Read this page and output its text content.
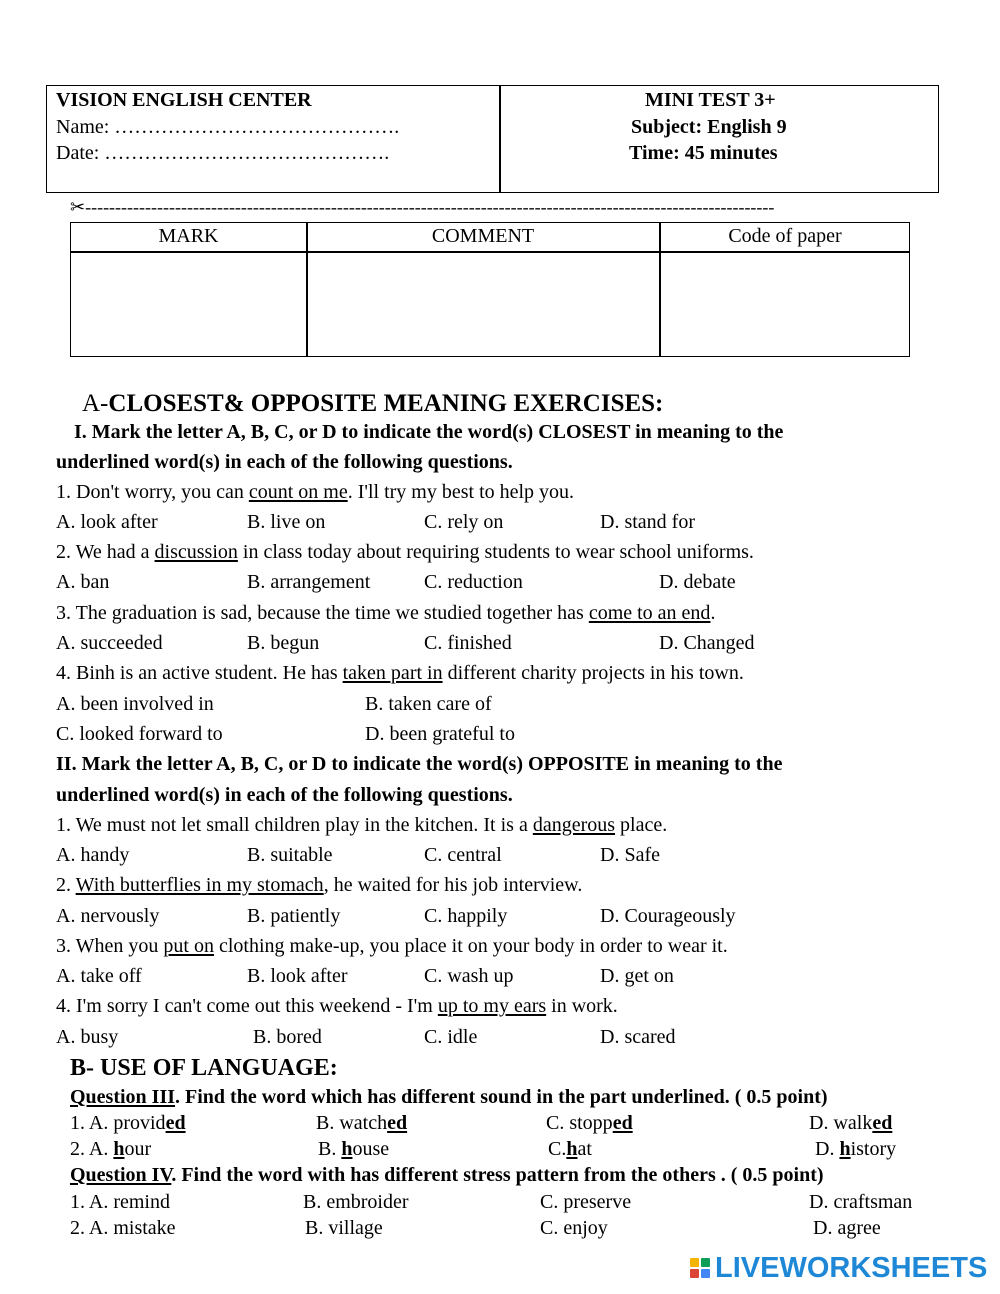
VISION ENGLISH CENTER
Name: …………………………………….
Date: …………………………………….
MINI TEST 3+
Subject: English 9
Time: 45 minutes
✂-------------------------------------------------------------------------------------------------------------------
MARK	COMMENT	Code of paper
A-CLOSEST& OPPOSITE MEANING EXERCISES:
I. Mark the letter A, B, C, or D to indicate the word(s) CLOSEST in meaning to the
underlined word(s) in each of the following questions.
1. Don't worry, you can count on me. I'll try my best to help you.
A. look after	B. live on	C. rely on	D. stand for
2. We had a discussion in class today about requiring students to wear school uniforms.
A. ban	B. arrangement	C. reduction	D. debate
3. The graduation is sad, because the time we studied together has come to an end.
A. succeeded	B. begun	C. finished	D. Changed
4. Binh is an active student. He has taken part in different charity projects in his town.
A. been involved in	B. taken care of
C. looked forward to	D. been grateful to
II. Mark the letter A, B, C, or D to indicate the word(s) OPPOSITE in meaning to the
underlined word(s) in each of the following questions.
1. We must not let small children play in the kitchen. It is a dangerous place.
A. handy	B. suitable	C. central	D. Safe
2. With butterflies in my stomach, he waited for his job interview.
A. nervously	B. patiently	C. happily	D. Courageously
3. When you put on clothing make-up, you place it on your body in order to wear it.
A. take off	B. look after	C. wash up	D. get on
4. I'm sorry I can't come out this weekend - I'm up to my ears in work.
A. busy	B. bored	C. idle	D. scared
B- USE OF LANGUAGE:
Question III. Find the word which has different sound in the part underlined. ( 0.5 point)
1. A. provided	B. watched	C. stopped	D. walked
2. A. hour	B. house	C.hat	D. history
Question IV. Find the word with has different stress pattern from the others . ( 0.5 point)
1. A. remind	B. embroider	C. preserve	D. craftsman
2. A. mistake	B. village	C. enjoy	D. agree
LIVEWORKSHEETS
